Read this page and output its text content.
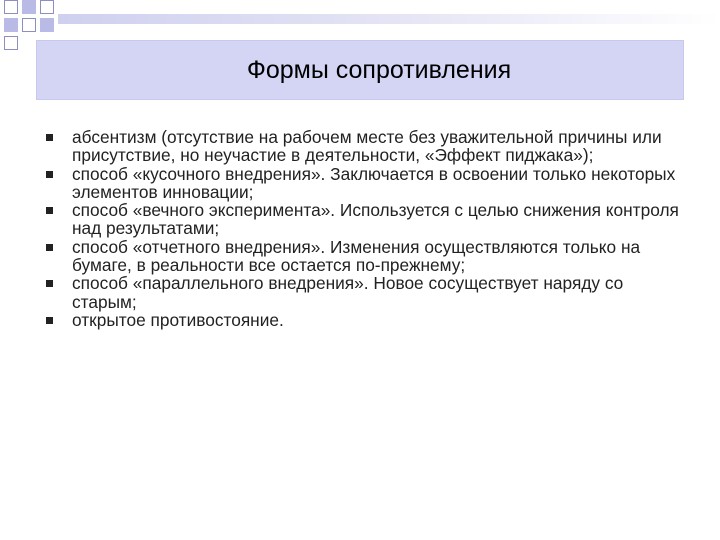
Формы сопротивления
абсентизм (отсутствие на рабочем месте без уважительной причины или присутствие, но неучастие в деятельности, «Эффект пиджака»);
способ «кусочного внедрения». Заключается в освоении только некоторых элементов инновации;
способ «вечного эксперимента». Используется с целью снижения контроля над результатами;
способ «отчетного внедрения». Изменения осуществляются только на бумаге, в реальности все остается по-прежнему;
способ «параллельного внедрения». Новое сосуществует наряду со старым;
открытое противостояние.
